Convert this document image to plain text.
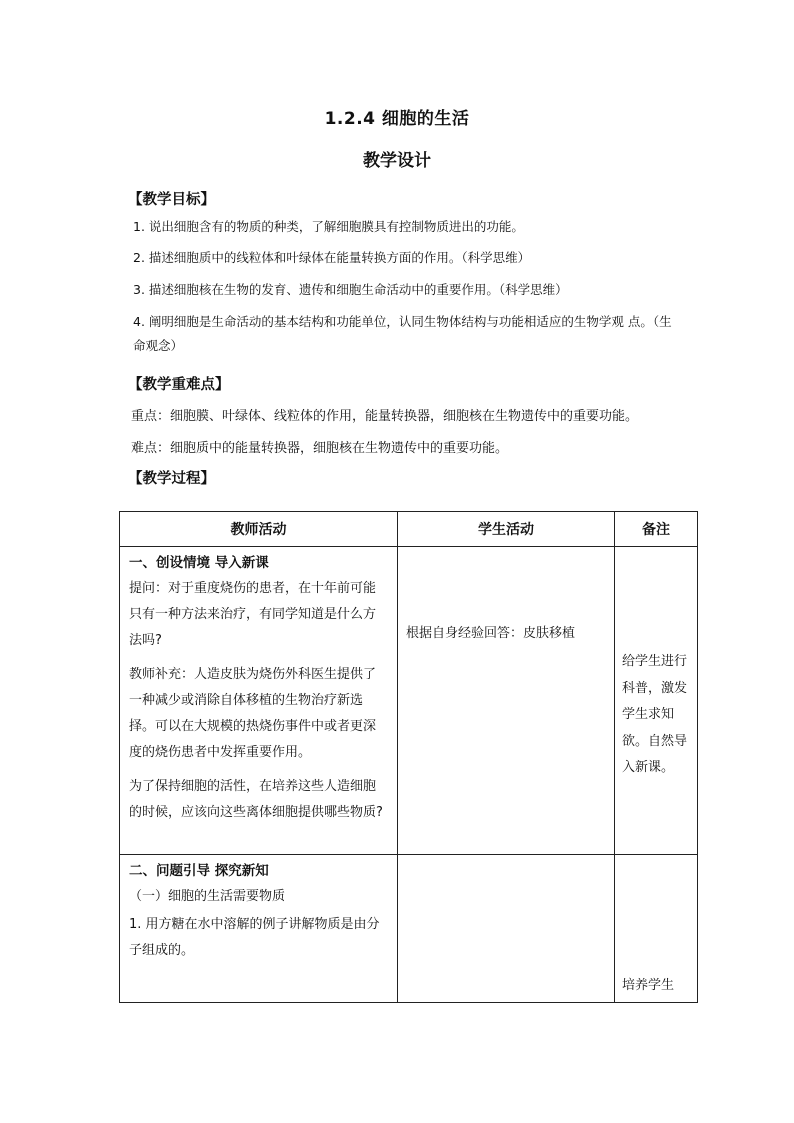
1.2.4 细胞的生活
教学设计
【教学目标】
1. 说出细胞含有的物质的种类，了解细胞膜具有控制物质进出的功能。
2. 描述细胞质中的线粒体和叶绿体在能量转换方面的作用。（科学思维）
3. 描述细胞核在生物的发育、遗传和细胞生命活动中的重要作用。（科学思维）
4. 阐明细胞是生命活动的基本结构和功能单位，认同生物体结构与功能相适应的生物学观 点。（生命观念）
【教学重难点】
重点：细胞膜、叶绿体、线粒体的作用，能量转换器，细胞核在生物遗传中的重要功能。
难点：细胞质中的能量转换器，细胞核在生物遗传中的重要功能。
【教学过程】
教师活动	学生活动	备注

一、创设情境 导入新课
提问：对于重度烧伤的患者，在十年前可能只有一种方法来治疗，有同学知道是什么方法吗?
教师补充：人造皮肤为烧伤外科医生提供了一种减少或消除自体移植的生物治疗新选择。可以在大规模的热烧伤事件中或者更深度的烧伤患者中发挥重要作用。
为了保持细胞的活性，在培养这些人造细胞的时候，应该向这些离体细胞提供哪些物质?	根据自身经验回答：皮肤移植	给学生进行科普，激发学生求知欲。自然导入新课。

二、问题引导 探究新知
（一）细胞的生活需要物质
1. 用方糖在水中溶解的例子讲解物质是由分子组成的。		培养学生
